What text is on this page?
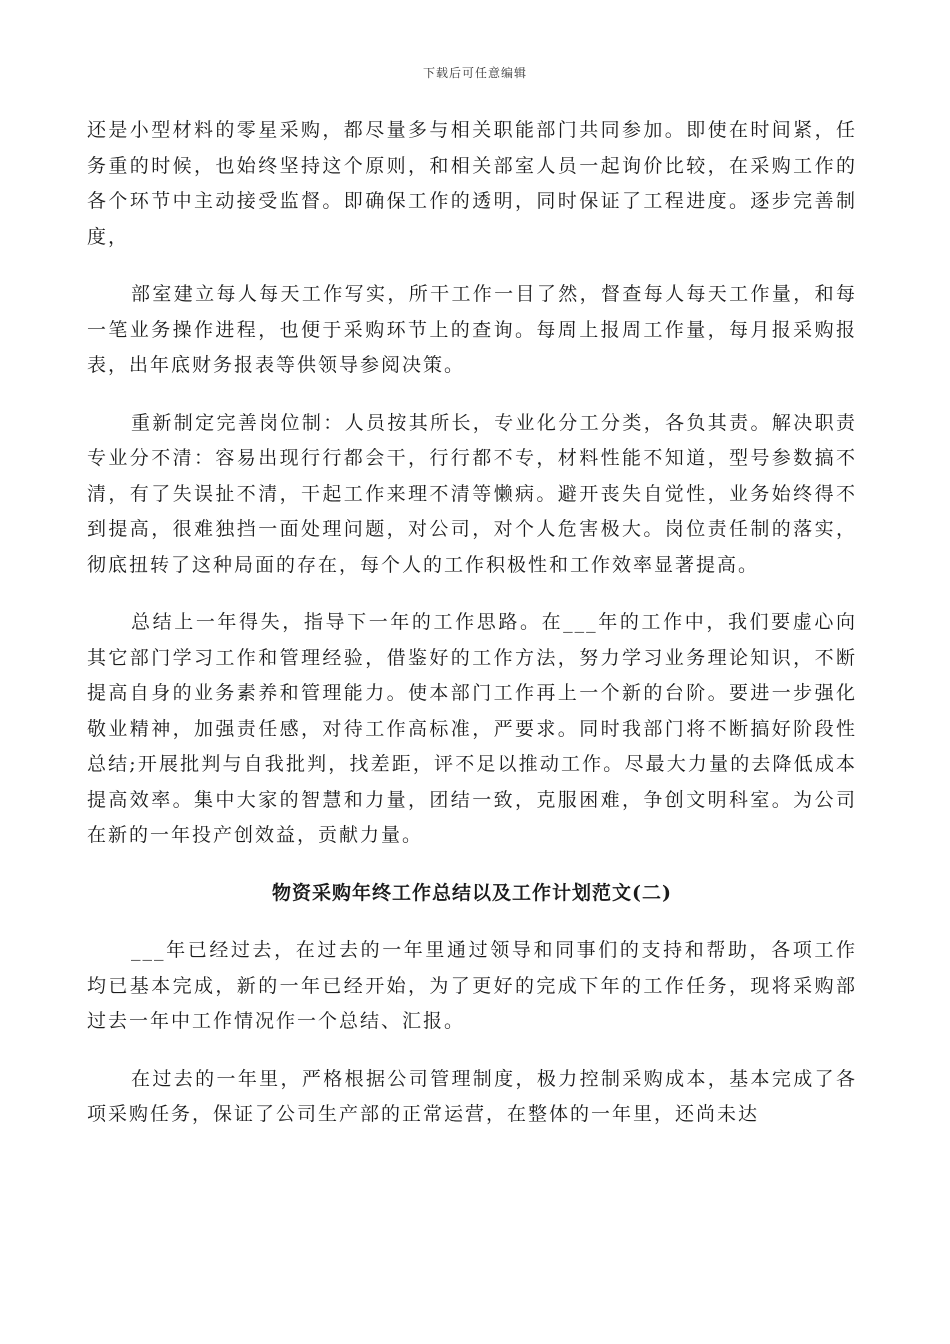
下载后可任意编辑

还是小型材料的零星采购，都尽量多与相关职能部门共同参加。即使在时间紧，任务重的时候，也始终坚持这个原则，和相关部室人员一起询价比较，在采购工作的各个环节中主动接受监督。即确保工作的透明，同时保证了工程进度。逐步完善制度，

部室建立每人每天工作写实，所干工作一目了然，督查每人每天工作量，和每一笔业务操作进程，也便于采购环节上的查询。每周上报周工作量，每月报采购报表，出年底财务报表等供领导参阅决策。

重新制定完善岗位制：人员按其所长，专业化分工分类，各负其责。解决职责专业分不清：容易出现行行都会干，行行都不专，材料性能不知道，型号参数搞不清，有了失误扯不清，干起工作来理不清等懒病。避开丧失自觉性，业务始终得不到提高，很难独挡一面处理问题，对公司，对个人危害极大。岗位责任制的落实，彻底扭转了这种局面的存在，每个人的工作积极性和工作效率显著提高。

总结上一年得失，指导下一年的工作思路。在___年的工作中，我们要虚心向其它部门学习工作和管理经验，借鉴好的工作方法，努力学习业务理论知识，不断提高自身的业务素养和管理能力。使本部门工作再上一个新的台阶。要进一步强化敬业精神，加强责任感，对待工作高标准，严要求。同时我部门将不断搞好阶段性总结;开展批判与自我批判，找差距，评不足以推动工作。尽最大力量的去降低成本提高效率。集中大家的智慧和力量，团结一致，克服困难，争创文明科室。为公司在新的一年投产创效益，贡献力量。

物资采购年终工作总结以及工作计划范文(二)

___年已经过去，在过去的一年里通过领导和同事们的支持和帮助，各项工作均已基本完成，新的一年已经开始，为了更好的完成下年的工作任务，现将采购部过去一年中工作情况作一个总结、汇报。

在过去的一年里，严格根据公司管理制度，极力控制采购成本，基本完成了各项采购任务，保证了公司生产部的正常运营，在整体的一年里，还尚未达
